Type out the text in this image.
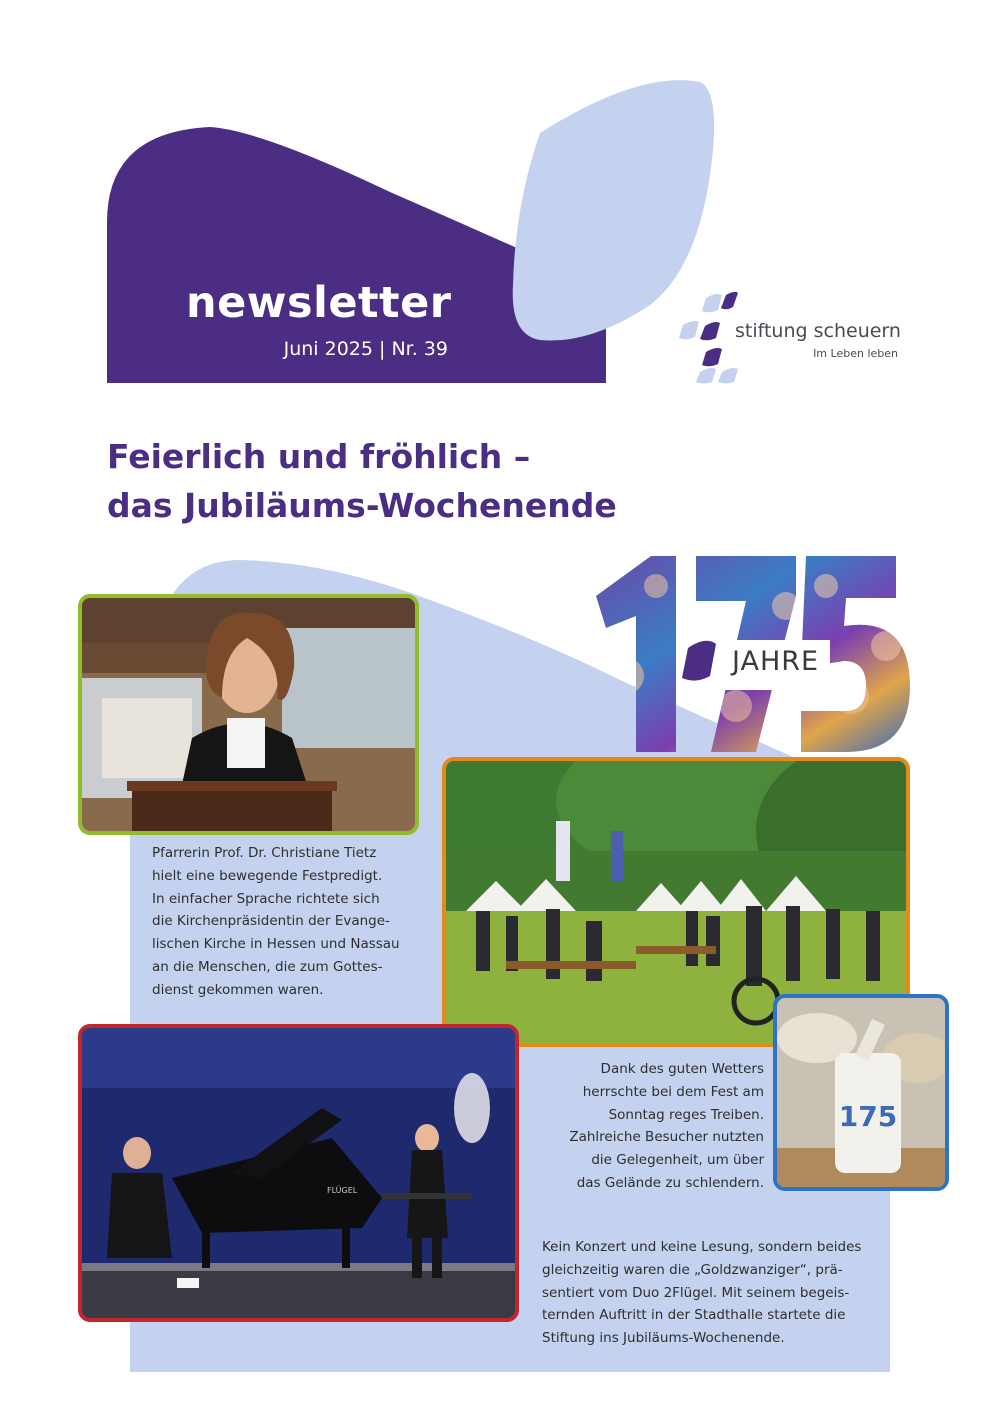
newsletter
Juni 2025 | Nr. 39
stiftung scheuern
Im Leben leben
Feierlich und fröhlich –
das Jubiläums-Wochenende
JAHRE

Pfarrerin Prof. Dr. Christiane Tietz

hielt eine bewegende Festpredigt.

In einfacher Sprache richtete sich

die Kirchenpräsidentin der Evange-

lischen Kirche in Hessen und Nassau

an die Menschen, die zum Gottes-

dienst gekommen waren.

175

Dank des guten Wetters

herrschte bei dem Fest am

Sonntag reges Treiben.

Zahlreiche Besucher nutzten

die Gelegenheit, um über

das Gelände zu schlendern.

FLÜGEL

Kein Konzert und keine Lesung, sondern beides

gleichzeitig waren die „Goldzwanziger“, prä-

sentiert vom Duo 2Flügel. Mit seinem begeis-

ternden Auftritt in der Stadthalle startete die

Stiftung ins Jubiläums-Wochenende.
